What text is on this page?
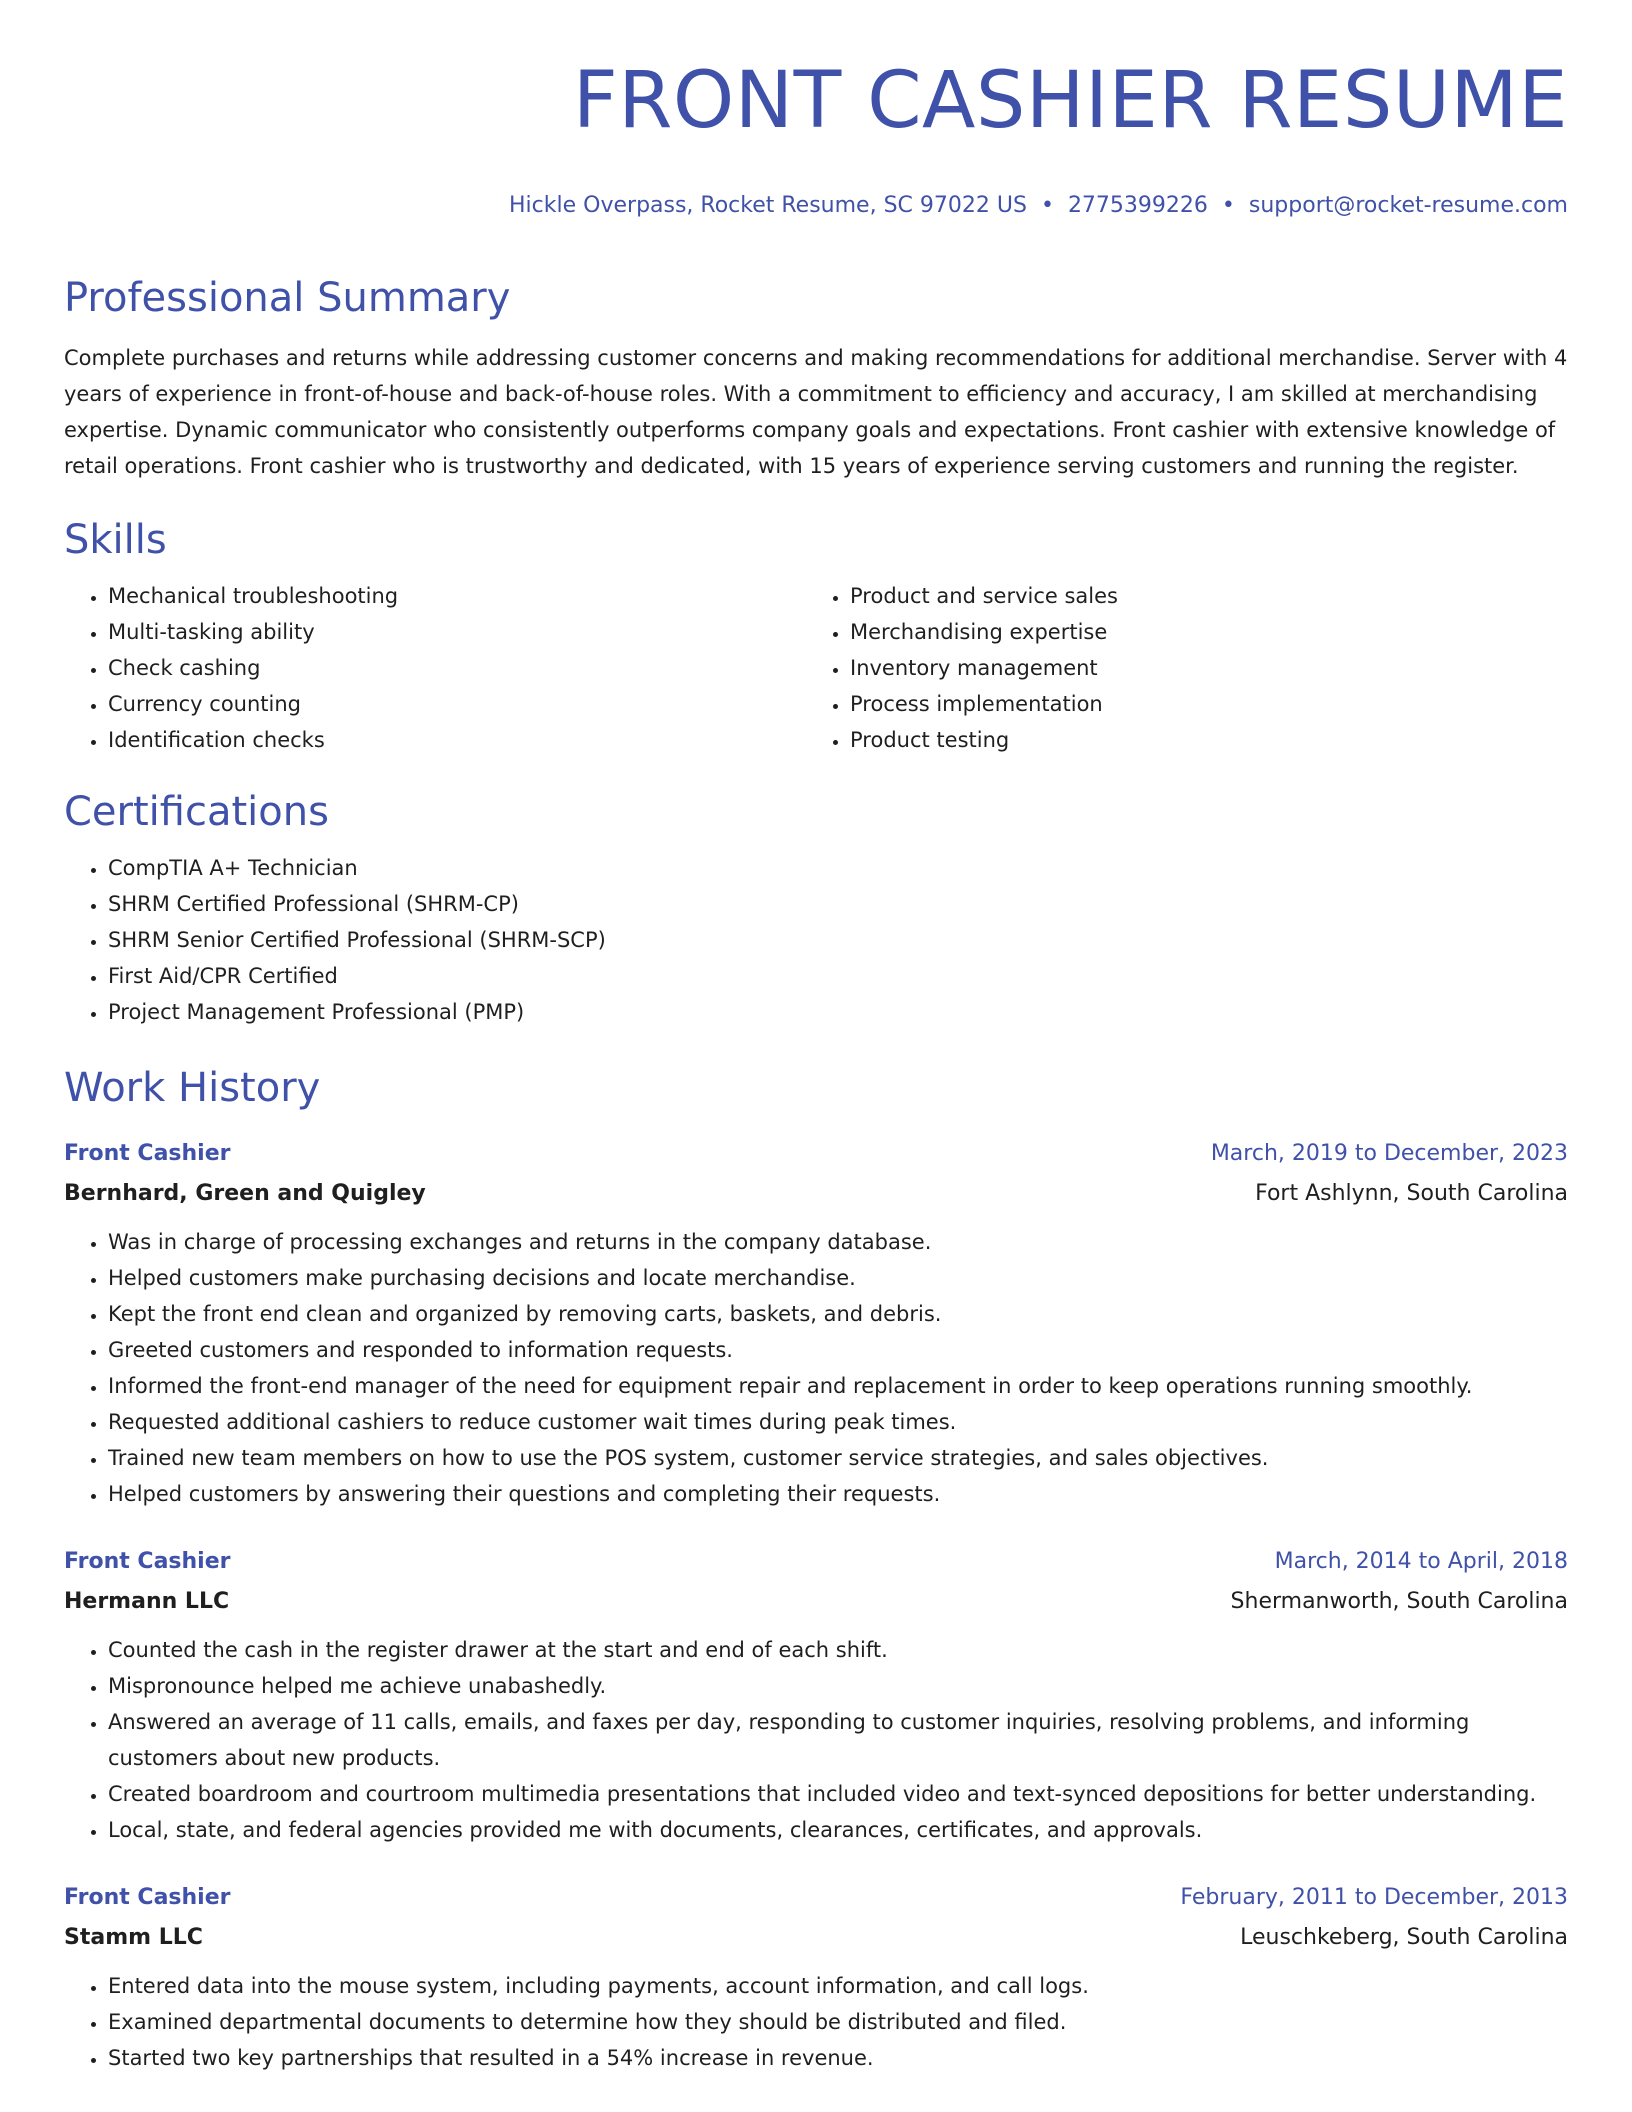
FRONT CASHIER RESUME
Hickle Overpass, Rocket Resume, SC 97022 US • 2775399226 • support@rocket-resume.com
Professional Summary
Complete purchases and returns while addressing customer concerns and making recommendations for additional merchandise. Server with 4 years of experience in front-of-house and back-of-house roles. With a commitment to efficiency and accuracy, I am skilled at merchandising expertise. Dynamic communicator who consistently outperforms company goals and expectations. Front cashier with extensive knowledge of retail operations. Front cashier who is trustworthy and dedicated, with 15 years of experience serving customers and running the register.
Skills
• Mechanical troubleshooting
• Multi-tasking ability
• Check cashing
• Currency counting
• Identification checks
• Product and service sales
• Merchandising expertise
• Inventory management
• Process implementation
• Product testing
Certifications
• CompTIA A+ Technician
• SHRM Certified Professional (SHRM-CP)
• SHRM Senior Certified Professional (SHRM-SCP)
• First Aid/CPR Certified
• Project Management Professional (PMP)
Work History
Front Cashier	March, 2019 to December, 2023
Bernhard, Green and Quigley	Fort Ashlynn, South Carolina
• Was in charge of processing exchanges and returns in the company database.
• Helped customers make purchasing decisions and locate merchandise.
• Kept the front end clean and organized by removing carts, baskets, and debris.
• Greeted customers and responded to information requests.
• Informed the front-end manager of the need for equipment repair and replacement in order to keep operations running smoothly.
• Requested additional cashiers to reduce customer wait times during peak times.
• Trained new team members on how to use the POS system, customer service strategies, and sales objectives.
• Helped customers by answering their questions and completing their requests.
Front Cashier	March, 2014 to April, 2018
Hermann LLC	Shermanworth, South Carolina
• Counted the cash in the register drawer at the start and end of each shift.
• Mispronounce helped me achieve unabashedly.
• Answered an average of 11 calls, emails, and faxes per day, responding to customer inquiries, resolving problems, and informing customers about new products.
• Created boardroom and courtroom multimedia presentations that included video and text-synced depositions for better understanding.
• Local, state, and federal agencies provided me with documents, clearances, certificates, and approvals.
Front Cashier	February, 2011 to December, 2013
Stamm LLC	Leuschkeberg, South Carolina
• Entered data into the mouse system, including payments, account information, and call logs.
• Examined departmental documents to determine how they should be distributed and filed.
• Started two key partnerships that resulted in a 54% increase in revenue.
